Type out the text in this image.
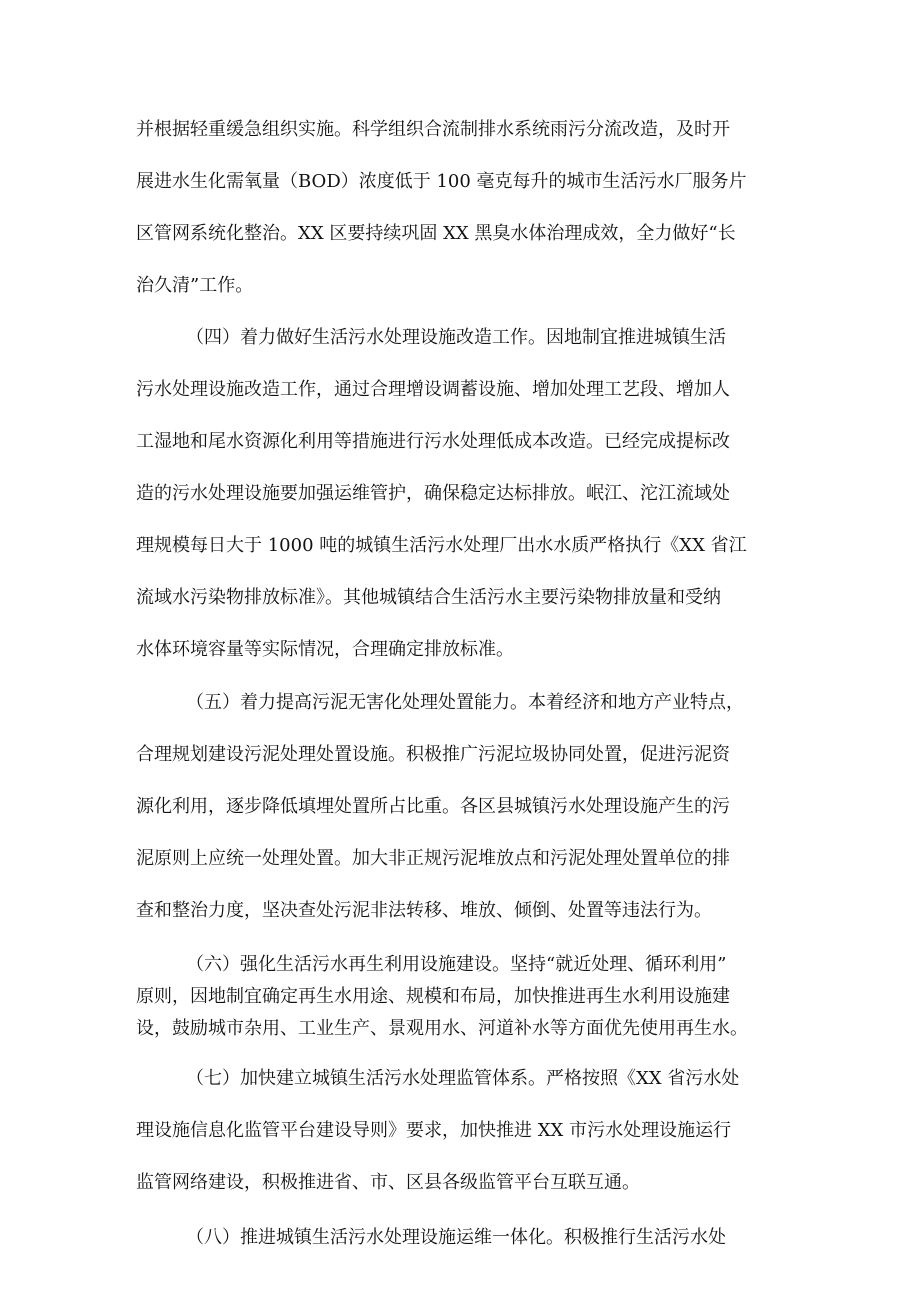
并根据轻重缓急组织实施。科学组织合流制排水系统雨污分流改造，及时开
展进水生化需氧量（BOD）浓度低于 100 毫克每升的城市生活污水厂服务片
区管网系统化整治。XX 区要持续巩固 XX 黑臭水体治理成效，全力做好“长
治久清”工作。
（四）着力做好生活污水处理设施改造工作。因地制宜推进城镇生活
污水处理设施改造工作，通过合理增设调蓄设施、增加处理工艺段、增加人
工湿地和尾水资源化利用等措施进行污水处理低成本改造。已经完成提标改
造的污水处理设施要加强运维管护，确保稳定达标排放。岷江、沱江流域处
理规模每日大于 1000 吨的城镇生活污水处理厂出水水质严格执行《XX 省江
流域水污染物排放标准》。其他城镇结合生活污水主要污染物排放量和受纳
水体环境容量等实际情况，合理确定排放标准。
（五）着力提高污泥无害化处理处置能力。本着经济和地方产业特点，
合理规划建设污泥处理处置设施。积极推广污泥垃圾协同处置，促进污泥资
源化利用，逐步降低填埋处置所占比重。各区县城镇污水处理设施产生的污
泥原则上应统一处理处置。加大非正规污泥堆放点和污泥处理处置单位的排
查和整治力度，坚决查处污泥非法转移、堆放、倾倒、处置等违法行为。
（六）强化生活污水再生利用设施建设。坚持“就近处理、循环利用”
原则，因地制宜确定再生水用途、规模和布局，加快推进再生水利用设施建
设，鼓励城市杂用、工业生产、景观用水、河道补水等方面优先使用再生水。
（七）加快建立城镇生活污水处理监管体系。严格按照《XX 省污水处
理设施信息化监管平台建设导则》要求，加快推进 XX 市污水处理设施运行
监管网络建设，积极推进省、市、区县各级监管平台互联互通。
（八）推进城镇生活污水处理设施运维一体化。积极推行生活污水处
